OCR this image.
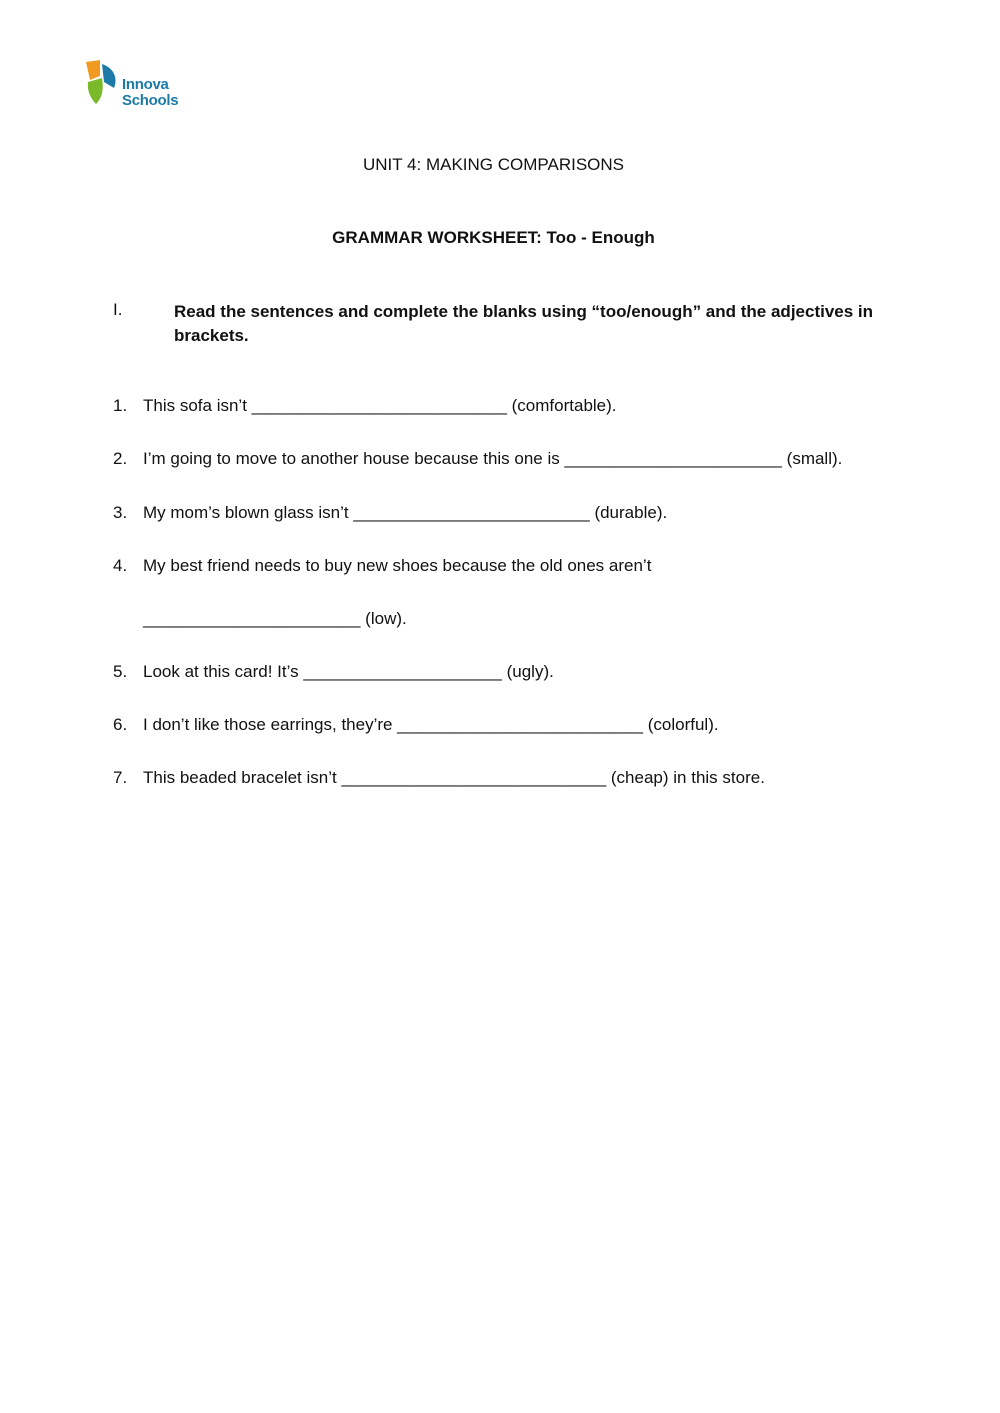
Innova
Schools
UNIT 4: MAKING COMPARISONS
GRAMMAR WORKSHEET: Too - Enough
I.	Read the sentences and complete the blanks using “too/enough” and the adjectives in brackets.
1. This sofa isn’t ___________________________ (comfortable).
2. I’m going to move to another house because this one is _______________________ (small).
3. My mom’s blown glass isn’t _________________________ (durable).
4. My best friend needs to buy new shoes because the old ones aren’t
_______________________ (low).
5. Look at this card! It’s _____________________ (ugly).
6. I don’t like those earrings, they’re __________________________ (colorful).
7. This beaded bracelet isn’t ____________________________ (cheap) in this store.
